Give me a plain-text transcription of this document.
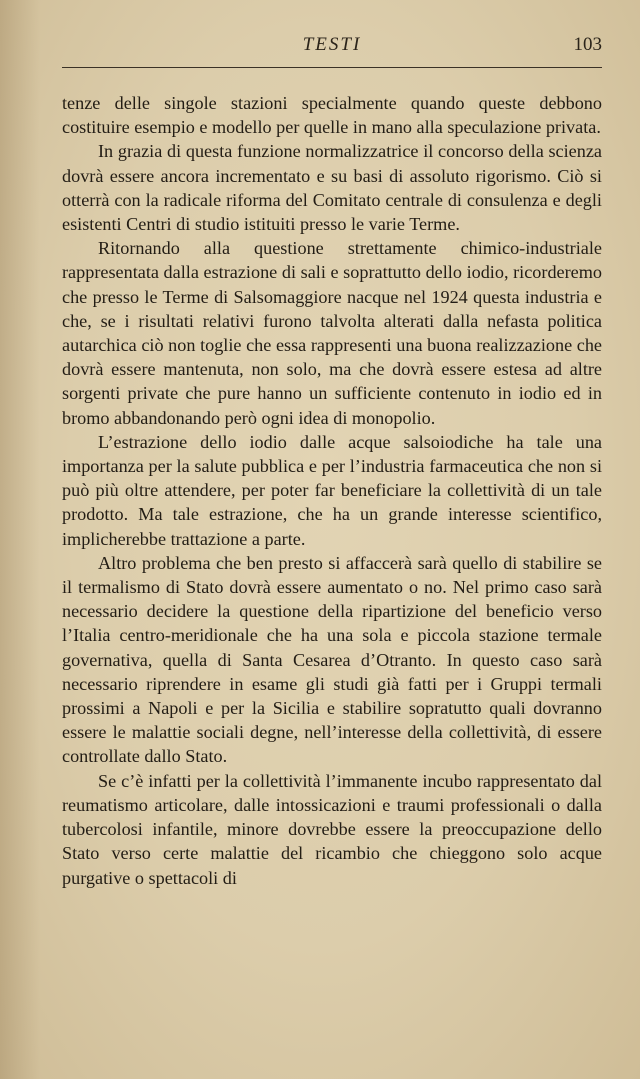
TESTI	103

tenze delle singole stazioni specialmente quando queste debbono costituire esempio e modello per quelle in mano alla speculazione privata.

In grazia di questa funzione normalizzatrice il concorso della scienza dovrà essere ancora incrementato e su basi di assoluto rigorismo. Ciò si otterrà con la radicale riforma del Comitato centrale di consulenza e degli esistenti Centri di studio istituiti presso le varie Terme.

Ritornando alla questione strettamente chimico-industriale rappresentata dalla estrazione di sali e soprattutto dello iodio, ricorderemo che presso le Terme di Salsomaggiore nacque nel 1924 questa industria e che, se i risultati relativi furono talvolta alterati dalla nefasta politica autarchica ciò non toglie che essa rappresenti una buona realizzazione che dovrà essere mantenuta, non solo, ma che dovrà essere estesa ad altre sorgenti private che pure hanno un sufficiente contenuto in iodio ed in bromo abbandonando però ogni idea di monopolio.

L’estrazione dello iodio dalle acque salsoiodiche ha tale una importanza per la salute pubblica e per l’industria farmaceutica che non si può più oltre attendere, per poter far beneficiare la collettività di un tale prodotto. Ma tale estrazione, che ha un grande interesse scientifico, implicherebbe trattazione a parte.

Altro problema che ben presto si affaccerà sarà quello di stabilire se il termalismo di Stato dovrà essere aumentato o no. Nel primo caso sarà necessario decidere la questione della ripartizione del beneficio verso l’Italia centro-meridionale che ha una sola e piccola stazione termale governativa, quella di Santa Cesarea d’Otranto. In questo caso sarà necessario riprendere in esame gli studi già fatti per i Gruppi termali prossimi a Napoli e per la Sicilia e stabilire sopratutto quali dovranno essere le malattie sociali degne, nell’interesse della collettività, di essere controllate dallo Stato.

Se c’è infatti per la collettività l’immanente incubo rappresentato dal reumatismo articolare, dalle intossicazioni e traumi professionali o dalla tubercolosi infantile, minore dovrebbe essere la preoccupazione dello Stato verso certe malattie del ricambio che chieggono solo acque purgative o spettacoli di
